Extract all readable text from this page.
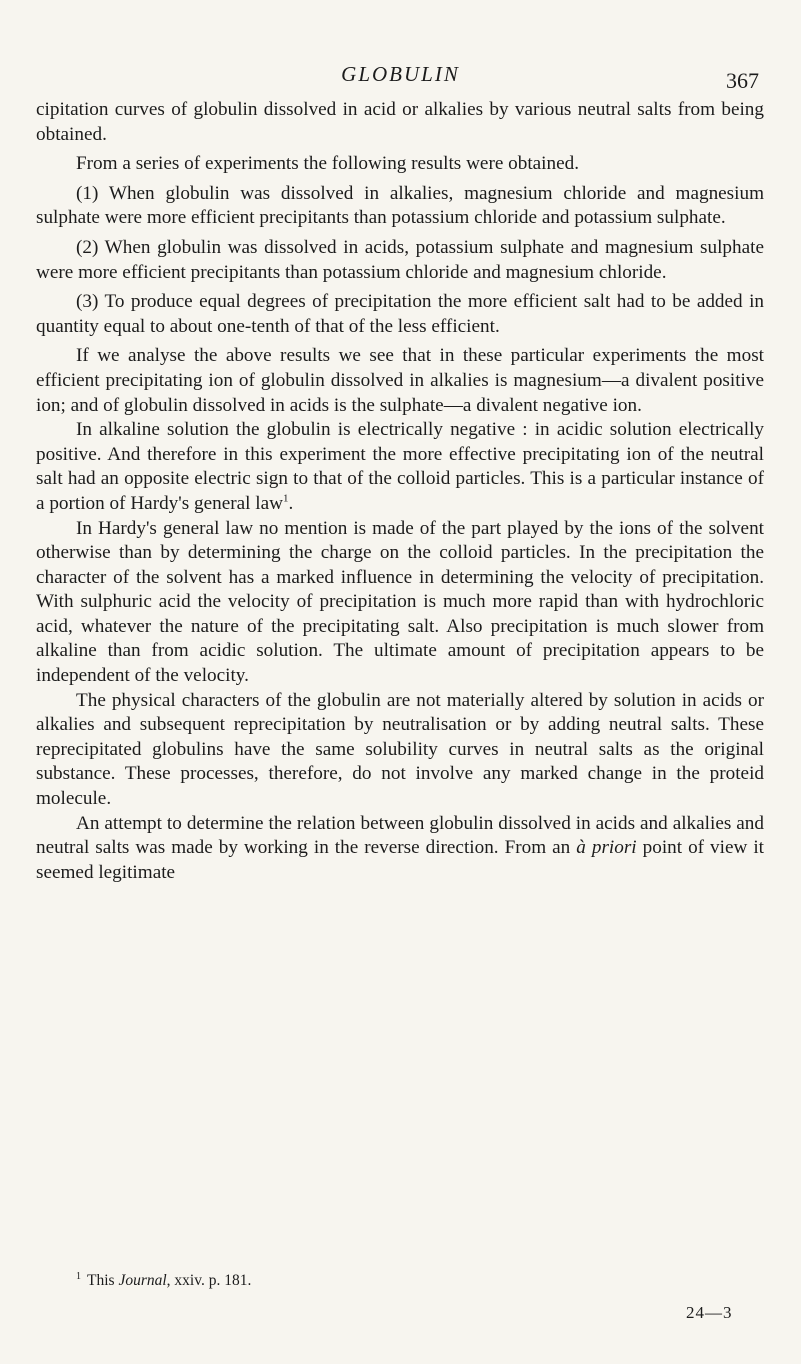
GLOBULIN	367

cipitation curves of globulin dissolved in acid or alkalies by various neutral salts from being obtained.

From a series of experiments the following results were obtained.

(1) When globulin was dissolved in alkalies, magnesium chloride and magnesium sulphate were more efficient precipitants than potassium chloride and potassium sulphate.

(2) When globulin was dissolved in acids, potassium sulphate and magnesium sulphate were more efficient precipitants than potassium chloride and magnesium chloride.

(3) To produce equal degrees of precipitation the more efficient salt had to be added in quantity equal to about one-tenth of that of the less efficient.

If we analyse the above results we see that in these particular experiments the most efficient precipitating ion of globulin dissolved in alkalies is magnesium—a divalent positive ion; and of globulin dissolved in acids is the sulphate—a divalent negative ion.

In alkaline solution the globulin is electrically negative : in acidic solution electrically positive. And therefore in this experiment the more effective precipitating ion of the neutral salt had an opposite electric sign to that of the colloid particles. This is a particular instance of a portion of Hardy's general law$^1$.

In Hardy's general law no mention is made of the part played by the ions of the solvent otherwise than by determining the charge on the colloid particles. In the precipitation the character of the solvent has a marked influence in determining the velocity of precipitation. With sulphuric acid the velocity of precipitation is much more rapid than with hydrochloric acid, whatever the nature of the precipitating salt. Also precipitation is much slower from alkaline than from acidic solution. The ultimate amount of precipitation appears to be independent of the velocity.

The physical characters of the globulin are not materially altered by solution in acids or alkalies and subsequent reprecipitation by neutralisation or by adding neutral salts. These reprecipitated globulins have the same solubility curves in neutral salts as the original substance. These processes, therefore, do not involve any marked change in the proteid molecule.

An attempt to determine the relation between globulin dissolved in acids and alkalies and neutral salts was made by working in the reverse direction. From an à priori point of view it seemed legitimate

$^1$ This Journal, xxiv. p. 181.
24—3
